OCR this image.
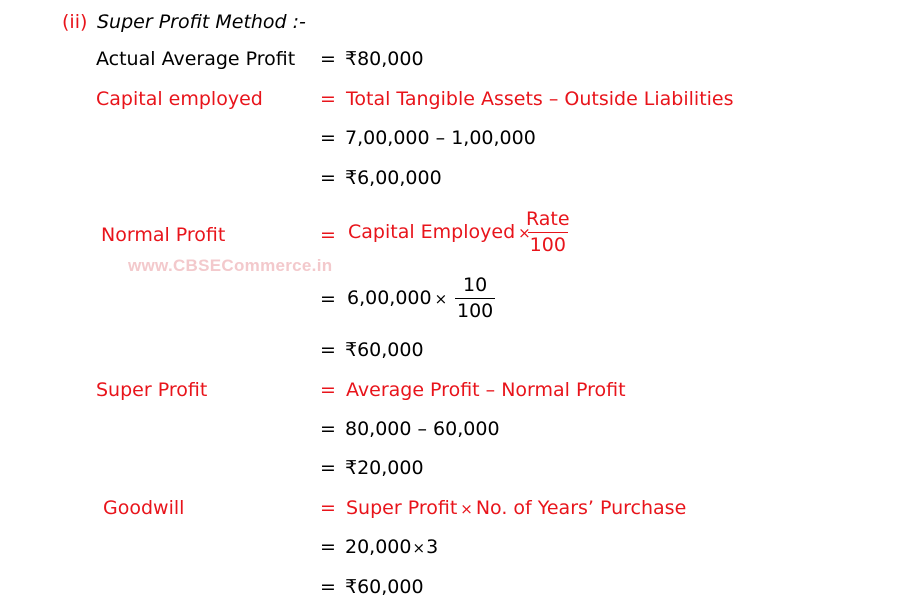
(ii) Super Profit Method :-
Actual Average Profit = ₹80,000
Capital employed	= Total Tangible Assets – Outside Liabilities
= 7,00,000 – 1,00,000
= ₹6,00,000
Normal Profit	= Capital Employed ×
Rate
100
www.CBSECommerce.in
= $6,00,000 \times \frac{10}{100}$
= ₹60,000
Super Profit	= Average Profit – Normal Profit
= 80,000 – 60,000
= ₹20,000
Goodwill	= Super Profit × No. of Years’ Purchase
= 20,000×3
= ₹60,000
